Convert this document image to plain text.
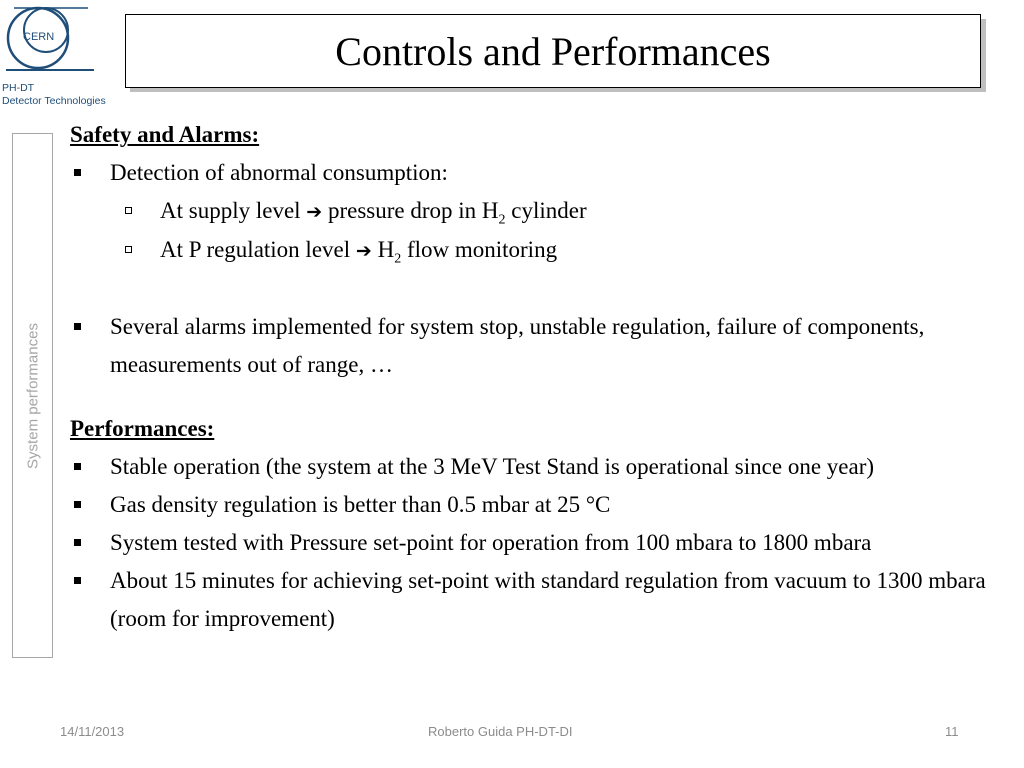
CERN
PH-DT
Detector Technologies
Controls and Performances
System performances
Safety and Alarms:
Detection of abnormal consumption:
At supply level ➔ pressure drop in $H_2$ cylinder
At P regulation level ➔ $H_2$ flow monitoring
Several alarms implemented for system stop, unstable regulation, failure of components, measurements out of range, …
Performances:
Stable operation (the system at the 3 MeV Test Stand is operational since one year)
Gas density regulation is better than 0.5 mbar at 25 °C
System tested with Pressure set-point for operation from 100 mbara to 1800 mbara
About 15 minutes for achieving set-point with standard regulation from vacuum to 1300 mbara (room for improvement)
14/11/2013	Roberto Guida PH-DT-DI	11
